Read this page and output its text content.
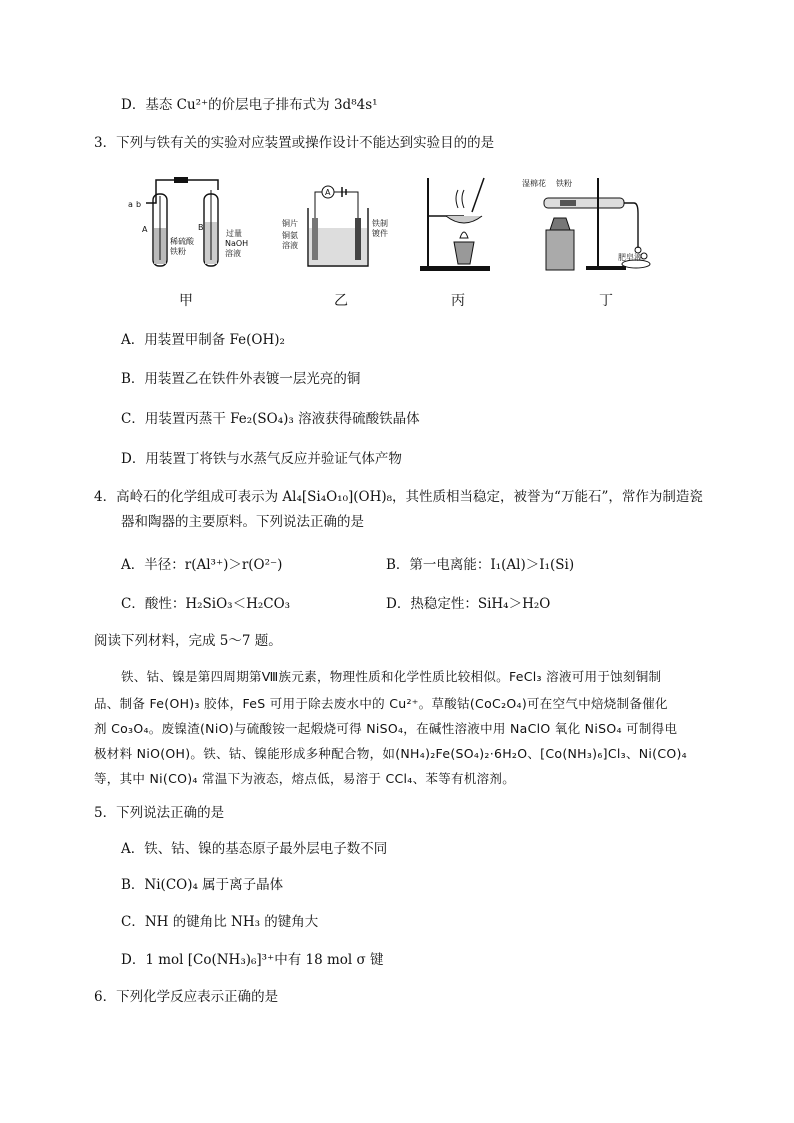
D．基态 Cu²⁺的价层电子排布式为 3d⁸4s¹
3．下列与铁有关的实验对应装置或操作设计不能达到实验目的的是
a b
A	B
稀硫酸
铁粉
过量
NaOH
溶液
A
铜片
铜氨
溶液
铁制
镀件
湿棉花 铁粉
肥皂液
甲	乙	丙	丁
A．用装置甲制备 Fe(OH)₂
B．用装置乙在铁件外表镀一层光亮的铜
C．用装置丙蒸干 Fe₂(SO₄)₃ 溶液获得硫酸铁晶体
D．用装置丁将铁与水蒸气反应并验证气体产物
4．高岭石的化学组成可表示为 Al₄[Si₄O₁₀](OH)₈，其性质相当稳定，被誉为“万能石”，常作为制造瓷
器和陶器的主要原料。下列说法正确的是
A．半径：r(Al³⁺)＞r(O²⁻)	B．第一电离能：I₁(Al)＞I₁(Si)
C．酸性：H₂SiO₃＜H₂CO₃	D．热稳定性：SiH₄＞H₂O
阅读下列材料，完成 5～7 题。
铁、钴、镍是第四周期第Ⅷ族元素，物理性质和化学性质比较相似。FeCl₃ 溶液可用于蚀刻铜制
品、制备 Fe(OH)₃ 胶体，FeS 可用于除去废水中的 Cu²⁺。草酸钴(CoC₂O₄)可在空气中焙烧制备催化
剂 Co₃O₄。废镍渣(NiO)与硫酸铵一起煅烧可得 NiSO₄，在碱性溶液中用 NaClO 氧化 NiSO₄ 可制得电
极材料 NiO(OH)。铁、钴、镍能形成多种配合物，如(NH₄)₂Fe(SO₄)₂·6H₂O、[Co(NH₃)₆]Cl₃、Ni(CO)₄
等，其中 Ni(CO)₄ 常温下为液态，熔点低，易溶于 CCl₄、苯等有机溶剂。
5．下列说法正确的是
A．铁、钴、镍的基态原子最外层电子数不同
B．Ni(CO)₄ 属于离子晶体
C．NH 的键角比 NH₃ 的键角大
D．1 mol [Co(NH₃)₆]³⁺中有 18 mol σ 键
6．下列化学反应表示正确的是
